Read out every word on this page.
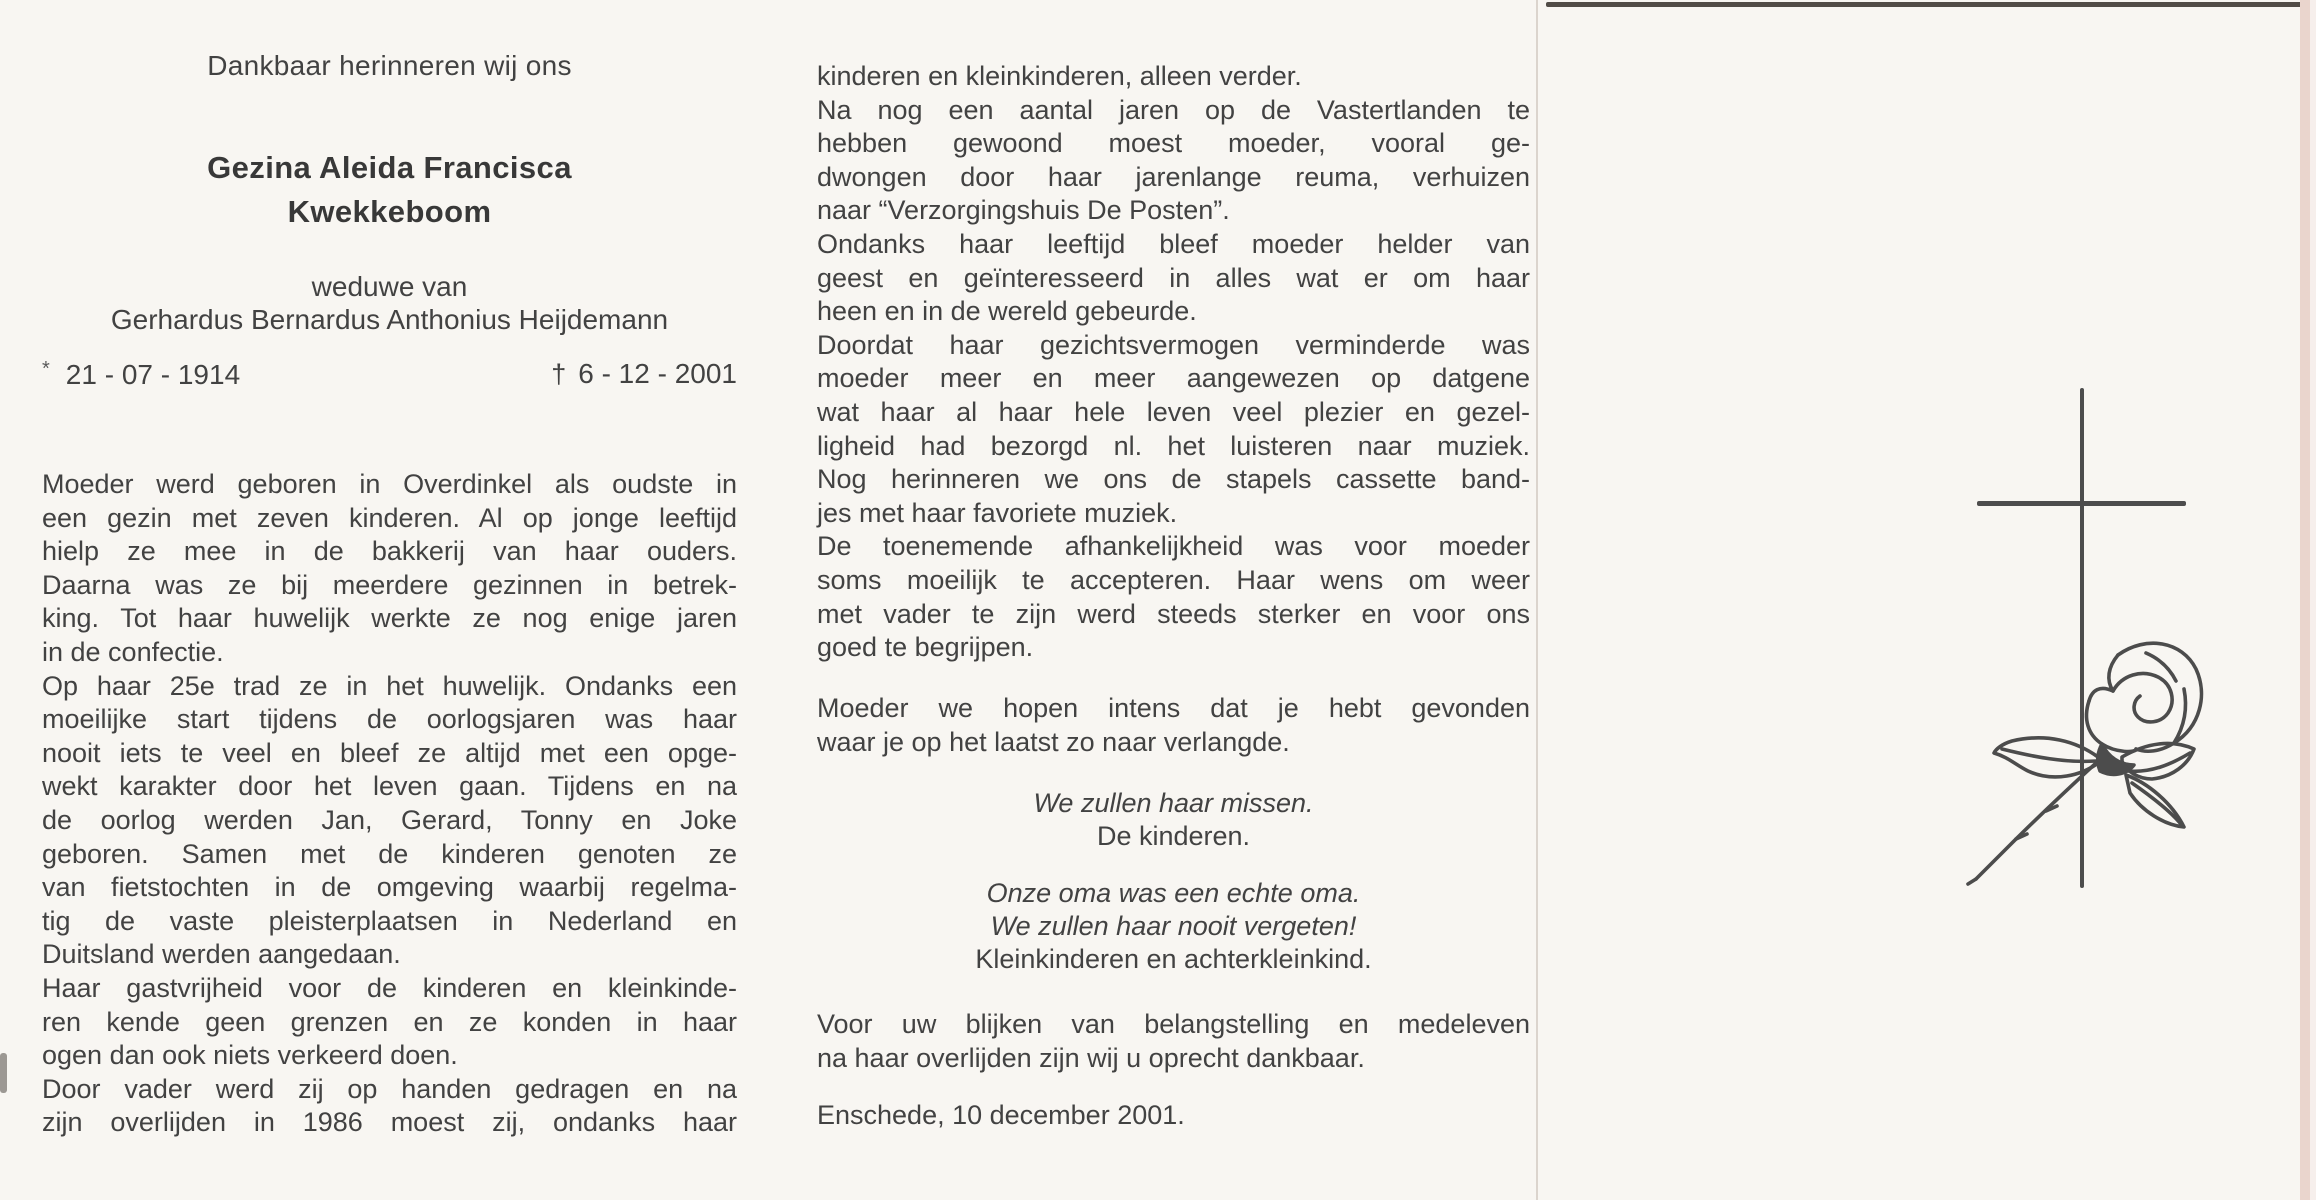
Dankbaar herinneren wij ons
Gezina Aleida Francisca
Kwekkeboom
weduwe van
Gerhardus Bernardus Anthonius Heijdemann
* 21 - 07 - 1914	† 6 - 12 - 2001
Moeder werd geboren in Overdinkel als oudste in
een gezin met zeven kinderen. Al op jonge leeftijd
hielp ze mee in de bakkerij van haar ouders.
Daarna was ze bij meerdere gezinnen in betrek-
king. Tot haar huwelijk werkte ze nog enige jaren
in de confectie.
Op haar 25e trad ze in het huwelijk. Ondanks een
moeilijke start tijdens de oorlogsjaren was haar
nooit iets te veel en bleef ze altijd met een opge-
wekt karakter door het leven gaan. Tijdens en na
de oorlog werden Jan, Gerard, Tonny en Joke
geboren. Samen met de kinderen genoten ze
van fietstochten in de omgeving waarbij regelma-
tig de vaste pleisterplaatsen in Nederland en
Duitsland werden aangedaan.
Haar gastvrijheid voor de kinderen en kleinkinde-
ren kende geen grenzen en ze konden in haar
ogen dan ook niets verkeerd doen.
Door vader werd zij op handen gedragen en na
zijn overlijden in 1986 moest zij, ondanks haar
kinderen en kleinkinderen, alleen verder.
Na nog een aantal jaren op de Vastertlanden te
hebben gewoond moest moeder, vooral ge-
dwongen door haar jarenlange reuma, verhuizen
naar “Verzorgingshuis De Posten”.
Ondanks haar leeftijd bleef moeder helder van
geest en geïnteresseerd in alles wat er om haar
heen en in de wereld gebeurde.
Doordat haar gezichtsvermogen verminderde was
moeder meer en meer aangewezen op datgene
wat haar al haar hele leven veel plezier en gezel-
ligheid had bezorgd nl. het luisteren naar muziek.
Nog herinneren we ons de stapels cassette band-
jes met haar favoriete muziek.
De toenemende afhankelijkheid was voor moeder
soms moeilijk te accepteren. Haar wens om weer
met vader te zijn werd steeds sterker en voor ons
goed te begrijpen.
Moeder we hopen intens dat je hebt gevonden
waar je op het laatst zo naar verlangde.
We zullen haar missen.
De kinderen.
Onze oma was een echte oma.
We zullen haar nooit vergeten!
Kleinkinderen en achterkleinkind.
Voor uw blijken van belangstelling en medeleven
na haar overlijden zijn wij u oprecht dankbaar.
Enschede, 10 december 2001.
